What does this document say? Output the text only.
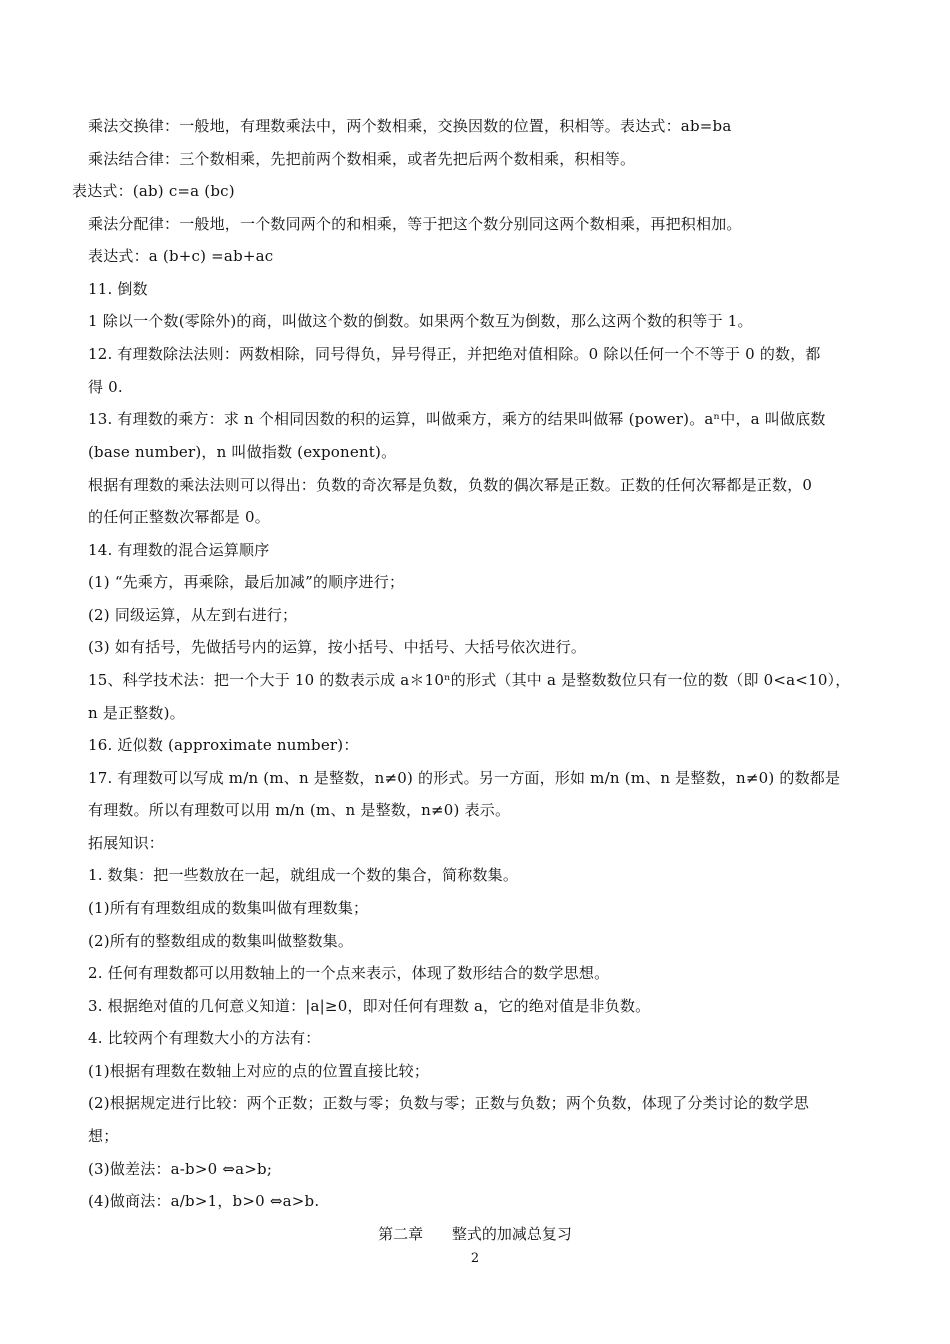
乘法交换律：一般地，有理数乘法中，两个数相乘，交换因数的位置，积相等。表达式：ab=ba
乘法结合律：三个数相乘，先把前两个数相乘，或者先把后两个数相乘，积相等。
表达式：(ab) c=a (bc)
乘法分配律：一般地，一个数同两个的和相乘，等于把这个数分别同这两个数相乘，再把积相加。
表达式：a (b+c) =ab+ac
11. 倒数
1 除以一个数(零除外)的商，叫做这个数的倒数。如果两个数互为倒数，那么这两个数的积等于 1。
12. 有理数除法法则：两数相除，同号得负，异号得正，并把绝对值相除。0 除以任何一个不等于 0 的数，都
得 0.
13. 有理数的乘方：求 n 个相同因数的积的运算，叫做乘方，乘方的结果叫做幂 (power)。aⁿ中，a 叫做底数
(base number)，n 叫做指数 (exponent)。
根据有理数的乘法法则可以得出：负数的奇次幂是负数，负数的偶次幂是正数。正数的任何次幂都是正数，0
的任何正整数次幂都是 0。
14. 有理数的混合运算顺序
(1) “先乘方，再乘除，最后加减”的顺序进行；
(2) 同级运算，从左到右进行；
(3) 如有括号，先做括号内的运算，按小括号、中括号、大括号依次进行。
15、科学技术法：把一个大于 10 的数表示成 a＊10ⁿ的形式（其中 a 是整数数位只有一位的数（即 0<a<10），
n 是正整数)。
16. 近似数 (approximate number)：
17. 有理数可以写成 m/n (m、n 是整数，n≠0) 的形式。另一方面，形如 m/n (m、n 是整数，n≠0) 的数都是
有理数。所以有理数可以用 m/n (m、n 是整数，n≠0) 表示。
拓展知识：
1. 数集：把一些数放在一起，就组成一个数的集合，简称数集。
(1)所有有理数组成的数集叫做有理数集；
(2)所有的整数组成的数集叫做整数集。
2. 任何有理数都可以用数轴上的一个点来表示，体现了数形结合的数学思想。
3. 根据绝对值的几何意义知道：|a|≥0，即对任何有理数 a，它的绝对值是非负数。
4. 比较两个有理数大小的方法有：
(1)根据有理数在数轴上对应的点的位置直接比较；
(2)根据规定进行比较：两个正数；正数与零；负数与零；正数与负数；两个负数，体现了分类讨论的数学思
想；
(3)做差法：a-b>0 ⇔a>b;
(4)做商法：a/b>1，b>0 ⇔a>b.
第二章 整式的加减总复习
2
